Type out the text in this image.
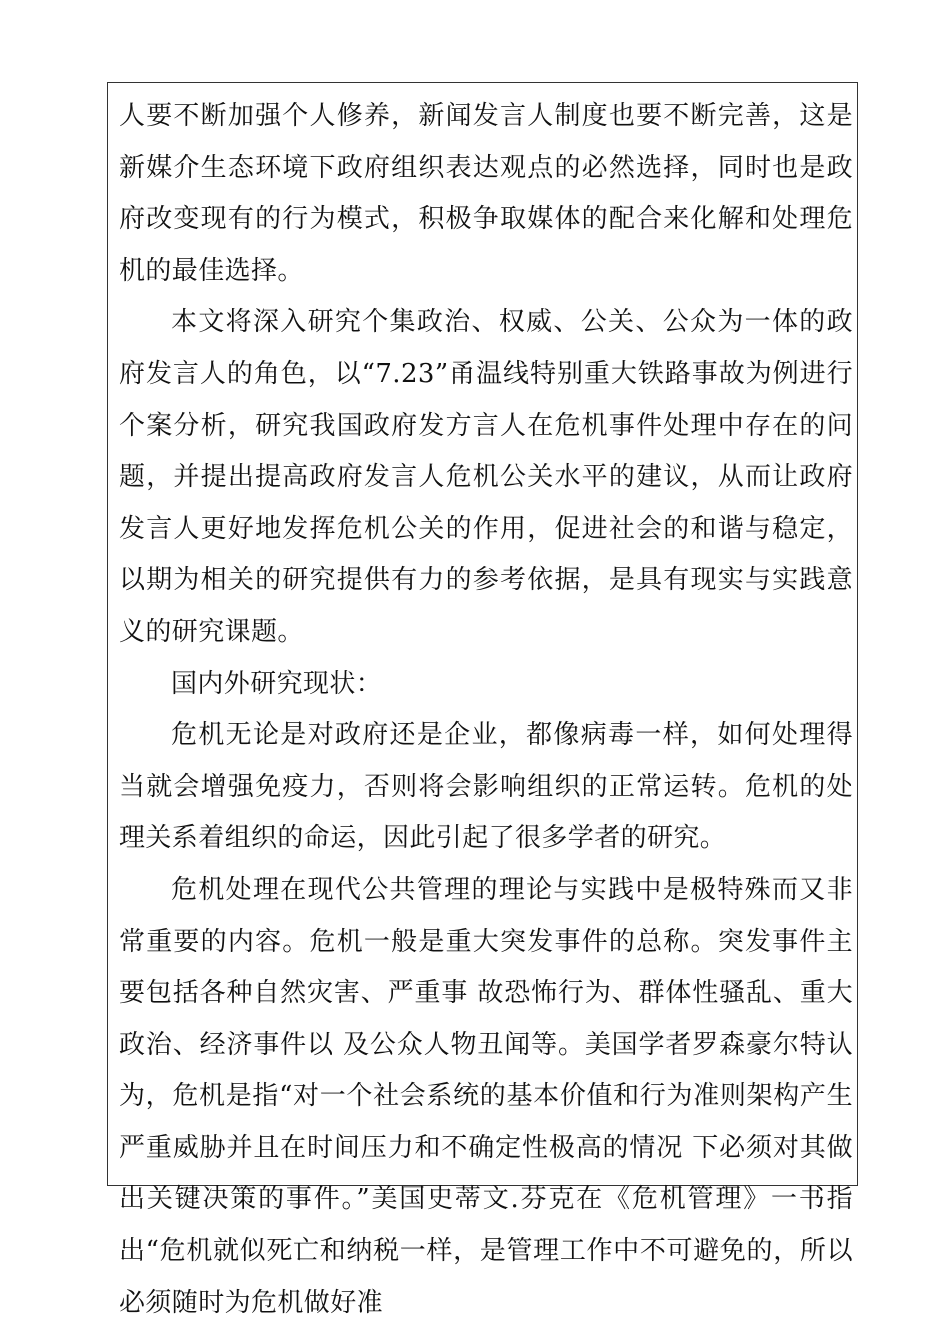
人要不断加强个人修养，新闻发言人制度也要不断完善，这是新媒介生态环境下政府组织表达观点的必然选择，同时也是政府改变现有的行为模式，积极争取媒体的配合来化解和处理危机的最佳选择。

本文将深入研究个集政治、权威、公关、公众为一体的政府发言人的角色，以“7.23”甬温线特别重大铁路事故为例进行个案分析，研究我国政府发方言人在危机事件处理中存在的问题，并提出提高政府发言人危机公关水平的建议，从而让政府发言人更好地发挥危机公关的作用，促进社会的和谐与稳定，以期为相关的研究提供有力的参考依据，是具有现实与实践意义的研究课题。

国内外研究现状：

危机无论是对政府还是企业，都像病毒一样，如何处理得当就会增强免疫力，否则将会影响组织的正常运转。危机的处理关系着组织的命运，因此引起了很多学者的研究。

危机处理在现代公共管理的理论与实践中是极特殊而又非常重要的内容。危机一般是重大突发事件的总称。突发事件主要包括各种自然灾害、严重事 故恐怖行为、群体性骚乱、重大政治、经济事件以 及公众人物丑闻等。美国学者罗森豪尔特认为，危机是指“对一个社会系统的基本价值和行为准则架构产生严重威胁并且在时间压力和不确定性极高的情况 下必须对其做出关键决策的事件。”美国史蒂文.芬克在《危机管理》一书指出“危机就似死亡和纳税一样，是管理工作中不可避免的，所以必须随时为危机做好准
